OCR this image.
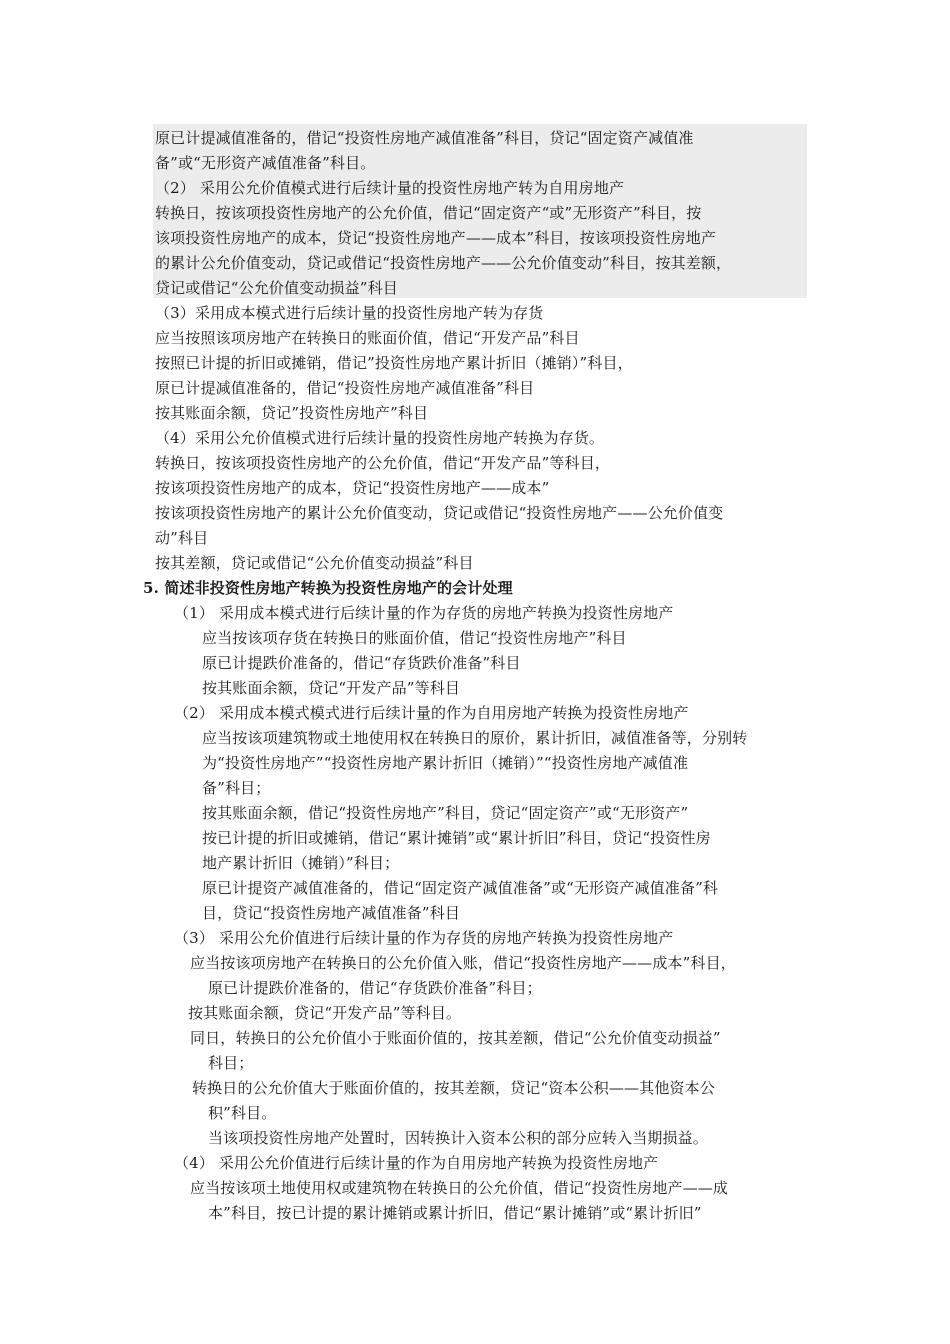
原已计提减值准备的，借记“投资性房地产减值准备”科目，贷记“固定资产减值准
备”或“无形资产减值准备”科目。
（2） 采用公允价值模式进行后续计量的投资性房地产转为自用房地产
转换日，按该项投资性房地产的公允价值，借记“固定资产“或”无形资产”科目，按
该项投资性房地产的成本，贷记“投资性房地产——成本”科目，按该项投资性房地产
的累计公允价值变动，贷记或借记“投资性房地产——公允价值变动”科目，按其差额，
贷记或借记“公允价值变动损益”科目
（3）采用成本模式进行后续计量的投资性房地产转为存货
应当按照该项房地产在转换日的账面价值，借记“开发产品”科目
按照已计提的折旧或摊销，借记”投资性房地产累计折旧（摊销）”科目，
原已计提减值准备的，借记“投资性房地产减值准备”科目
按其账面余额，贷记”投资性房地产”科目
（4）采用公允价值模式进行后续计量的投资性房地产转换为存货。
转换日，按该项投资性房地产的公允价值，借记“开发产品”等科目，
按该项投资性房地产的成本，贷记“投资性房地产——成本”
按该项投资性房地产的累计公允价值变动，贷记或借记“投资性房地产——公允价值变
动”科目
按其差额，贷记或借记“公允价值变动损益”科目
5. 简述非投资性房地产转换为投资性房地产的会计处理
（1） 采用成本模式进行后续计量的作为存货的房地产转换为投资性房地产
应当按该项存货在转换日的账面价值，借记“投资性房地产”科目
原已计提跌价准备的，借记“存货跌价准备”科目
按其账面余额，贷记“开发产品”等科目
（2） 采用成本模式模式进行后续计量的作为自用房地产转换为投资性房地产
应当按该项建筑物或土地使用权在转换日的原价，累计折旧，减值准备等，分别转
为“投资性房地产”“投资性房地产累计折旧（摊销）”“投资性房地产减值准
备”科目；
按其账面余额，借记“投资性房地产”科目，贷记“固定资产”或“无形资产”
按已计提的折旧或摊销，借记“累计摊销”或“累计折旧”科目，贷记“投资性房
地产累计折旧（摊销）”科目；
原已计提资产减值准备的，借记“固定资产减值准备”或“无形资产减值准备”科
目，贷记“投资性房地产减值准备”科目
（3） 采用公允价值进行后续计量的作为存货的房地产转换为投资性房地产
应当按该项房地产在转换日的公允价值入账，借记“投资性房地产——成本”科目，
原已计提跌价准备的，借记“存货跌价准备”科目；
按其账面余额，贷记“开发产品”等科目。
同日，转换日的公允价值小于账面价值的，按其差额，借记“公允价值变动损益”
科目；
转换日的公允价值大于账面价值的，按其差额，贷记“资本公积——其他资本公
积”科目。
当该项投资性房地产处置时，因转换计入资本公积的部分应转入当期损益。
（4） 采用公允价值进行后续计量的作为自用房地产转换为投资性房地产
应当按该项土地使用权或建筑物在转换日的公允价值，借记“投资性房地产——成
本”科目，按已计提的累计摊销或累计折旧，借记“累计摊销”或“累计折旧”
